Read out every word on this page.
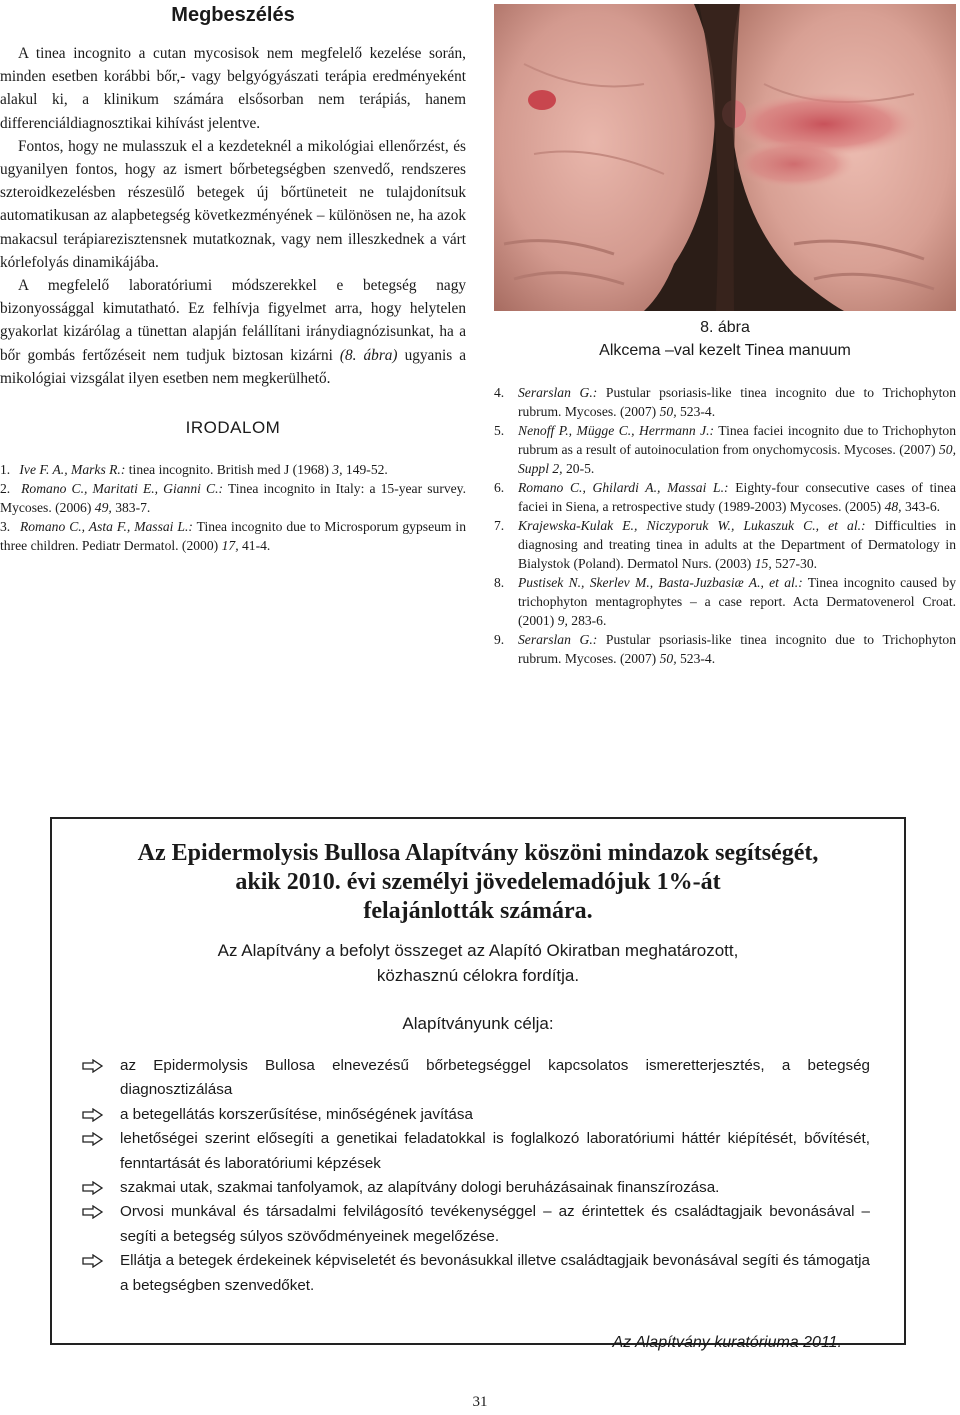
Megbeszélés

A tinea incognito a cutan mycosisok nem megfelelő kezelése során, minden esetben korábbi bőr,- vagy belgyógyászati terápia eredményeként alakul ki, a klinikum számára elsősorban nem terápiás, hanem differenciáldiagnosztikai kihívást jelentve.

Fontos, hogy ne mulasszuk el a kezdeteknél a mikológiai ellenőrzést, és ugyanilyen fontos, hogy az ismert bőrbetegségben szenvedő, rendszeres szteroidkezelésben részesülő betegek új bőrtüneteit ne tulajdonítsuk automatikusan az alapbetegség következményének – különösen ne, ha azok makacsul terápiarezisztensnek mutatkoznak, vagy nem illeszkednek a várt kórlefolyás dinamikájába.

A megfelelő laboratóriumi módszerekkel e betegség nagy bizonyossággal kimutatható. Ez felhívja figyelmet arra, hogy helytelen gyakorlat kizárólag a tünettan alapján felállítani iránydiagnózisunkat, ha a bőr gombás fertőzéseit nem tudjuk biztosan kizárni (8. ábra) ugyanis a mikológiai vizsgálat ilyen esetben nem megkerülhető.

IRODALOM
1. Ive F. A., Marks R.: tinea incognito. British med J (1968) 3, 149-52.
2. Romano C., Maritati E., Gianni C.: Tinea incognito in Italy: a 15-year survey. Mycoses. (2006) 49, 383-7.
3. Romano C., Asta F., Massai L.: Tinea incognito due to Microsporum gypseum in three children. Pediatr Dermatol. (2000) 17, 41-4.
8. ábra
Alkcema –val kezelt Tinea manuum
4.	Serarslan G.: Pustular psoriasis-like tinea incognito due to Trichophyton rubrum. Mycoses. (2007) 50, 523-4.
5.	Nenoff P., Mügge C., Herrmann J.: Tinea faciei incognito due to Trichophyton rubrum as a result of autoinoculation from onychomycosis. Mycoses. (2007) 50, Suppl 2, 20-5.
6.	Romano C., Ghilardi A., Massai L.: Eighty-four consecutive cases of tinea faciei in Siena, a retrospective study (1989-2003) Mycoses. (2005) 48, 343-6.
7.	Krajewska-Kulak E., Niczyporuk W., Lukaszuk C., et al.: Difficulties in diagnosing and treating tinea in adults at the Department of Dermatology in Bialystok (Poland). Dermatol Nurs. (2003) 15, 527-30.
8.	Pustisek N., Skerlev M., Basta-Juzbasiæ A., et al.: Tinea incognito caused by trichophyton mentagrophytes – a case report. Acta Dermatovenerol Croat. (2001) 9, 283-6.
9.	Serarslan G.: Pustular psoriasis-like tinea incognito due to Trichophyton rubrum. Mycoses. (2007) 50, 523-4.
Az Epidermolysis Bullosa Alapítvány köszöni mindazok segítségét,
akik 2010. évi személyi jövedelemadójuk 1%-át
felajánlották számára.
Az Alapítvány a befolyt összeget az Alapító Okiratban meghatározott,
közhasznú célokra fordítja.
Alapítványunk célja:
az Epidermolysis Bullosa elnevezésű bőrbetegséggel kapcsolatos ismeretterjesztés, a betegség diagnosztizálása
a betegellátás korszerűsítése, minőségének javítása
lehetőségei szerint elősegíti a genetikai feladatokkal is foglalkozó laboratóriumi háttér kiépítését, bővítését, fenntartását és laboratóriumi képzések
szakmai utak, szakmai tanfolyamok, az alapítvány dologi beruházásainak finanszírozása.
Orvosi munkával és társadalmi felvilágosító tevékenységgel – az érintettek és családtagjaik bevonásával – segíti a betegség súlyos szövődményeinek megelőzése.
Ellátja a betegek érdekeinek képviseletét és bevonásukkal illetve családtagjaik bevonásával segíti és támogatja a betegségben szenvedőket.
Az Alapítvány kuratóriuma 2011.
31
